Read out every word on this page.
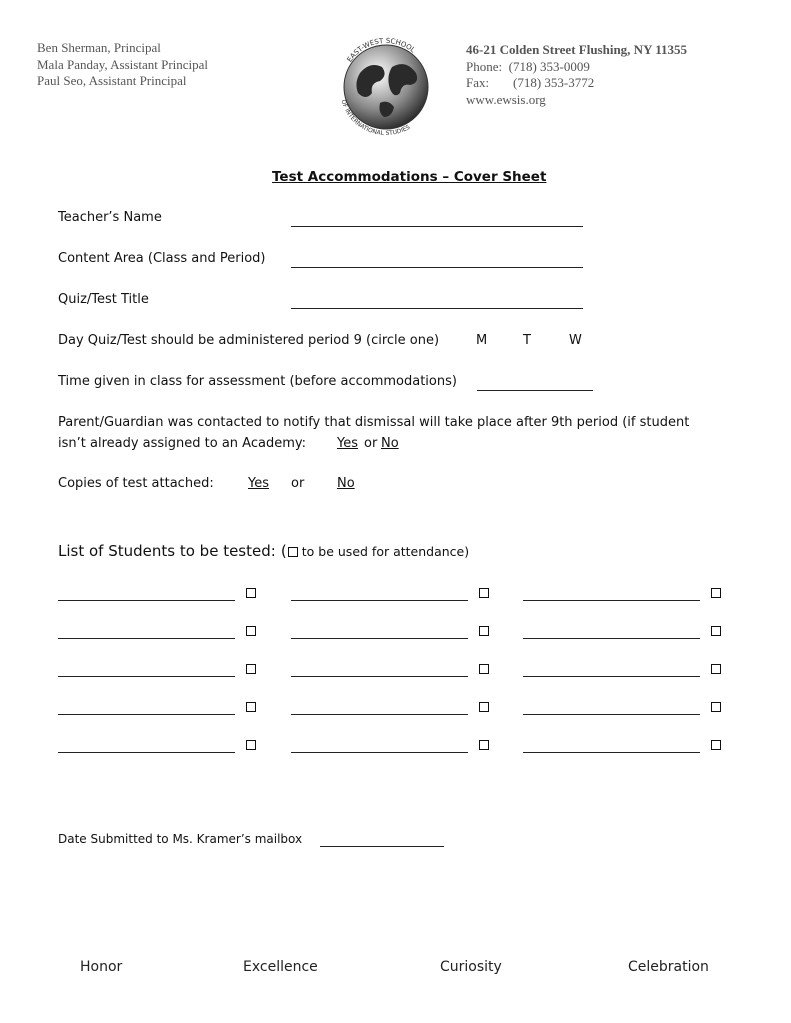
Ben Sherman, Principal
Mala Panday, Assistant Principal
Paul Seo, Assistant Principal
EAST-WEST SCHOOL
OF INTERNATIONAL STUDIES
46-21 Colden Street Flushing, NY 11355
Phone: (718) 353-0009
Fax: (718) 353-3772
www.ewsis.org
Test Accommodations – Cover Sheet
Teacher’s Name
Content Area (Class and Period)
Quiz/Test Title
Day Quiz/Test should be administered period 9 (circle one)	M	T	W
Time given in class for assessment (before accommodations)
Parent/Guardian was contacted to notify that dismissal will take place after 9th period (if student
isn’t already assigned to an Academy: Yes or No
Copies of test attached:	Yes or	No
List of Students to be tested: ( to be used for attendance)
Date Submitted to Ms. Kramer’s mailbox
Honor	Excellence	Curiosity	Celebration
